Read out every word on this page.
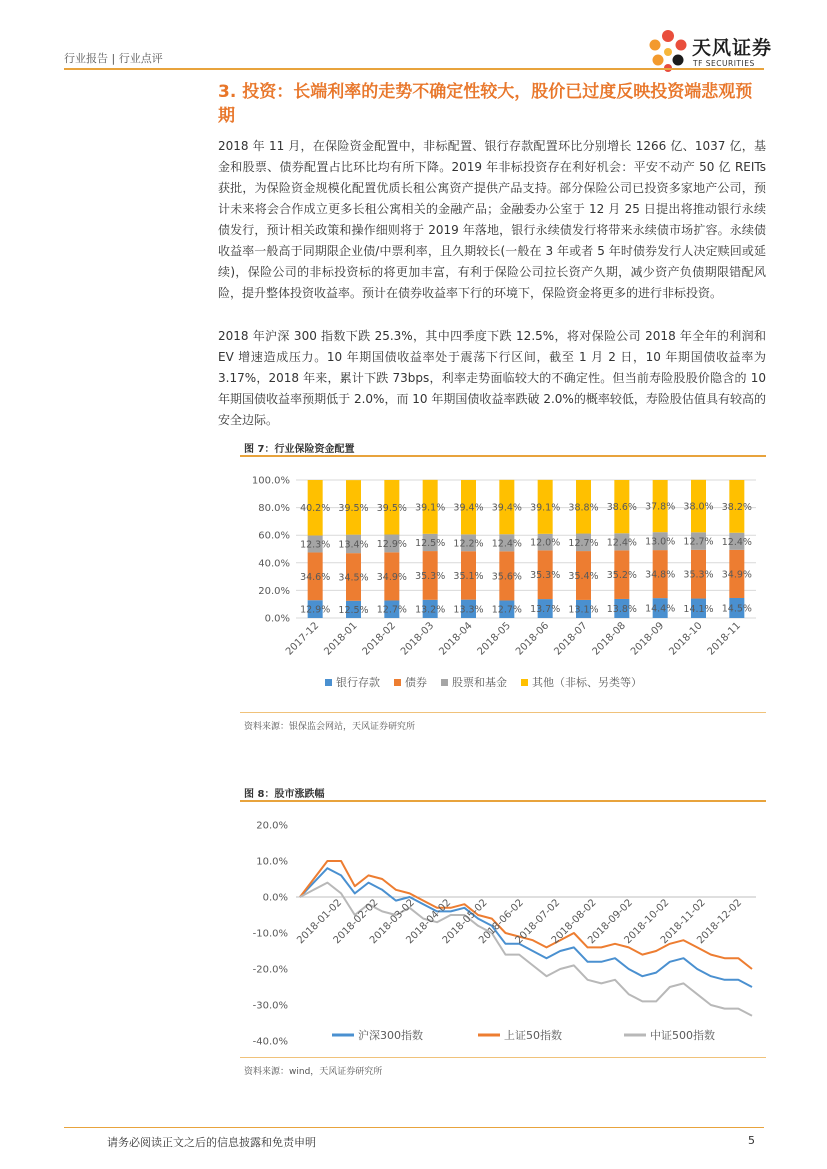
行业报告 | 行业点评	天风证券
TF SECURITIES
3. 投资：长端利率的走势不确定性较大，股价已过度反映投资端悲观预期

2018 年 11 月，在保险资金配置中，非标配置、银行存款配置环比分别增长 1266 亿、1037 亿，基金和股票、债券配置占比环比均有所下降。2019 年非标投资存在利好机会：平安不动产 50 亿 REITs 获批，为保险资金规模化配置优质长租公寓资产提供产品支持。部分保险公司已投资多家地产公司，预计未来将会合作成立更多长租公寓相关的金融产品；金融委办公室于 12 月 25 日提出将推动银行永续债发行，预计相关政策和操作细则将于 2019 年落地，银行永续债发行将带来永续债市场扩容。永续债收益率一般高于同期限企业债/中票利率，且久期较长(一般在 3 年或者 5 年时债券发行人决定赎回或延续)，保险公司的非标投资标的将更加丰富，有利于保险公司拉长资产久期，减少资产负债期限错配风险，提升整体投资收益率。预计在债券收益率下行的环境下，保险资金将更多的进行非标投资。

2018 年沪深 300 指数下跌 25.3%，其中四季度下跌 12.5%，将对保险公司 2018 年全年的利润和 EV 增速造成压力。10 年期国债收益率处于震荡下行区间，截至 1 月 2 日，10 年期国债收益率为 3.17%，2018 年来，累计下跌 73bps，利率走势面临较大的不确定性。但当前寿险股股价隐含的 10 年期国债收益率预期低于 2.0%，而 10 年期国债收益率跌破 2.0%的概率较低，寿险股估值具有较高的安全边际。

图 7：行业保险资金配置
0.0%
20.0%
40.0%
60.0%
80.0%
100.0%
12.9%
34.6%
12.3%
40.2%
2017-12
12.5%
34.5%
13.4%
39.5%
2018-01
12.7%
34.9%
12.9%
39.5%
2018-02
13.2%
35.3%
12.5%
39.1%
2018-03
13.3%
35.1%
12.2%
39.4%
2018-04
12.7%
35.6%
12.4%
39.4%
2018-05
13.7%
35.3%
12.0%
39.1%
2018-06
13.1%
35.4%
12.7%
38.8%
2018-07
13.8%
35.2%
12.4%
38.6%
2018-08
14.4%
34.8%
13.0%
37.8%
2018-09
14.1%
35.3%
12.7%
38.0%
2018-10
14.5%
34.9%
12.4%
38.2%
2018-11
银行存款 债券 股票和基金 其他（非标、另类等）
资料来源：银保监会网站，天风证券研究所
图 8：股市涨跌幅
20.0%
10.0%
0.0%
-10.0%
-20.0%
-30.0%
-40.0%
2018-01-02
2018-02-02
2018-03-02
2018-04-02
2018-05-02
2018-06-02
2018-07-02
2018-08-02
2018-09-02
2018-10-02
2018-11-02
2018-12-02
沪深300指数	上证50指数	中证500指数
资料来源：wind，天风证券研究所
请务必阅读正文之后的信息披露和免责申明	5
